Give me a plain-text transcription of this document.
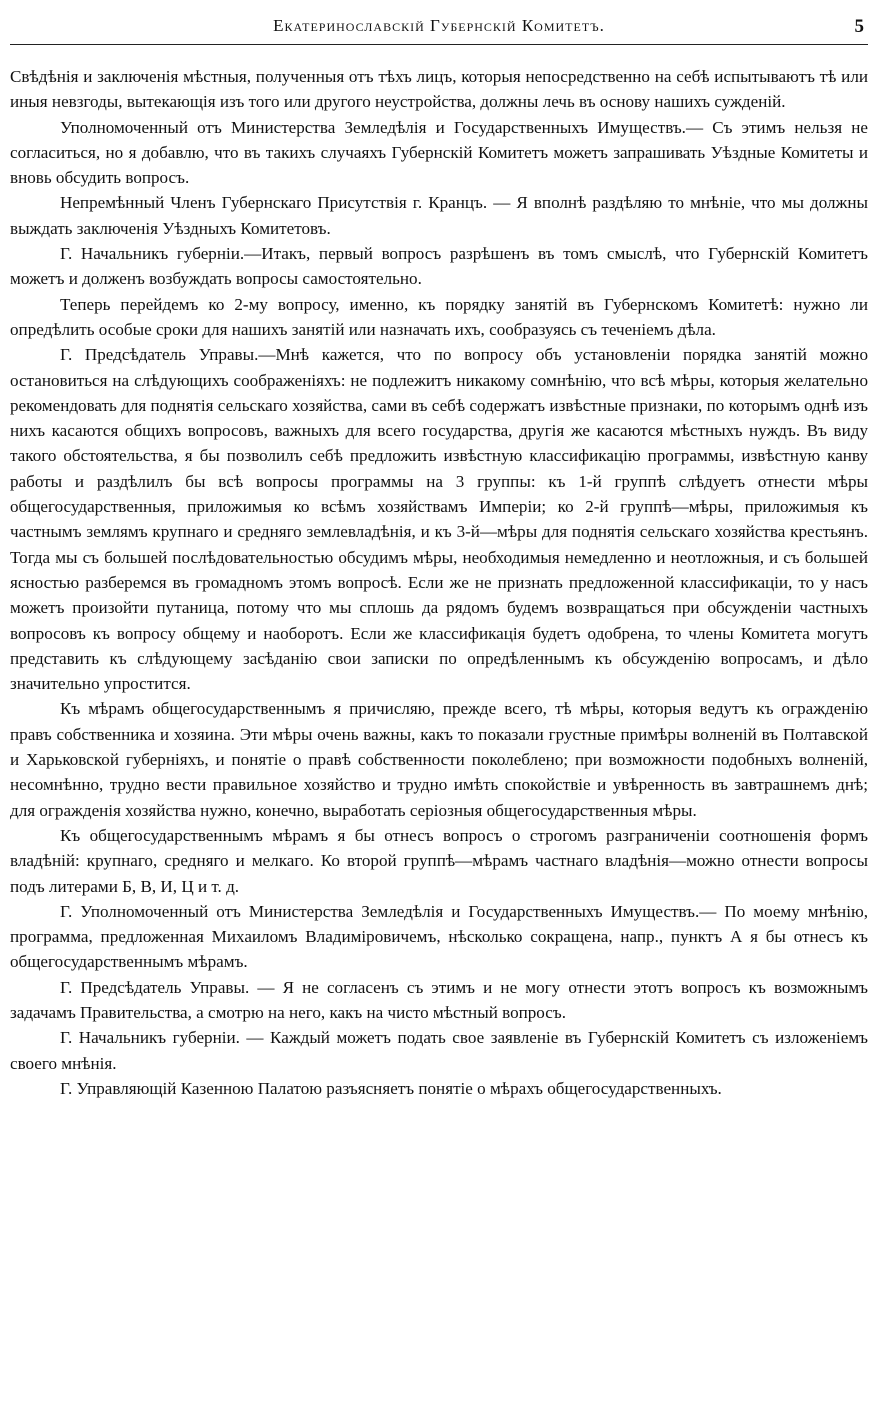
Екатеринославскій Губернскій Комитетъ.	5

Свѣдѣнія и заключенія мѣстныя, полученныя отъ тѣхъ лицъ, которыя непосредственно на себѣ испытываютъ тѣ или иныя невзгоды, вытекающія изъ того или другого неустройства, должны лечь въ основу нашихъ сужденій.

Уполномоченный отъ Министерства Земледѣлія и Государственныхъ Имуществъ.— Съ этимъ нельзя не согласиться, но я добавлю, что въ такихъ случаяхъ Губернскій Комитетъ можетъ запрашивать Уѣздные Комитеты и вновь обсудить вопросъ.

Непремѣнный Членъ Губернскаго Присутствія г. Кранцъ. — Я вполнѣ раздѣляю то мнѣніе, что мы должны выждать заключенія Уѣздныхъ Комитетовъ.

Г. Начальникъ губерніи.—Итакъ, первый вопросъ разрѣшенъ въ томъ смыслѣ, что Губернскій Комитетъ можетъ и долженъ возбуждать вопросы самостоятельно.

Теперь перейдемъ ко 2-му вопросу, именно, къ порядку занятій въ Губернскомъ Комитетѣ: нужно ли опредѣлить особые сроки для нашихъ занятій или назначать ихъ, сообразуясь съ теченіемъ дѣла.

Г. Предсѣдатель Управы.—Мнѣ кажется, что по вопросу объ установленіи порядка занятій можно остановиться на слѣдующихъ соображеніяхъ: не подлежитъ никакому сомнѣнію, что всѣ мѣры, которыя желательно рекомендовать для поднятія сельскаго хозяйства, сами въ себѣ содержатъ извѣстные признаки, по которымъ однѣ изъ нихъ касаются общихъ вопросовъ, важныхъ для всего государства, другія же касаются мѣстныхъ нуждъ. Въ виду такого обстоятельства, я бы позволилъ себѣ предложить извѣстную классификацію программы, извѣстную канву работы и раздѣлилъ бы всѣ вопросы программы на 3 группы: къ 1-й группѣ слѣдуетъ отнести мѣры общегосударственныя, приложимыя ко всѣмъ хозяйствамъ Имперіи; ко 2-й группѣ—мѣры, приложимыя къ частнымъ землямъ крупнаго и средняго землевладѣнія, и къ 3-й—мѣры для поднятія сельскаго хозяйства крестьянъ. Тогда мы съ большей послѣдовательностью обсудимъ мѣры, необходимыя немедленно и неотложныя, и съ большей ясностью разберемся въ громадномъ этомъ вопросѣ. Если же не признать предложенной классификаціи, то у насъ можетъ произойти путаница, потому что мы сплошь да рядомъ будемъ возвращаться при обсужденіи частныхъ вопросовъ къ вопросу общему и наоборотъ. Если же классификація будетъ одобрена, то члены Комитета могутъ представить къ слѣдующему засѣданію свои записки по опредѣленнымъ къ обсужденію вопросамъ, и дѣло значительно упростится.

Къ мѣрамъ общегосударственнымъ я причисляю, прежде всего, тѣ мѣры, которыя ведутъ къ огражденію правъ собственника и хозяина. Эти мѣры очень важны, какъ то показали грустные примѣры волненій въ Полтавской и Харьковской губерніяхъ, и понятіе о правѣ собственности поколеблено; при возможности подобныхъ волненій, несомнѣнно, трудно вести правильное хозяйство и трудно имѣть спокойствіе и увѣренность въ завтрашнемъ днѣ; для огражденія хозяйства нужно, конечно, выработать серіозныя общегосударственныя мѣры.

Къ общегосударственнымъ мѣрамъ я бы отнесъ вопросъ о строгомъ разграниченіи соотношенія формъ владѣній: крупнаго, средняго и мелкаго. Ко второй группѣ—мѣрамъ частнаго владѣнія—можно отнести вопросы подъ литерами Б, В, И, Ц и т. д.

Г. Уполномоченный отъ Министерства Земледѣлія и Государственныхъ Имуществъ.— По моему мнѣнію, программа, предложенная Михаиломъ Владиміровичемъ, нѣсколько сокращена, напр., пунктъ А я бы отнесъ къ общегосударственнымъ мѣрамъ.

Г. Предсѣдатель Управы. — Я не согласенъ съ этимъ и не могу отнести этотъ вопросъ къ возможнымъ задачамъ Правительства, а смотрю на него, какъ на чисто мѣстный вопросъ.

Г. Начальникъ губерніи. — Каждый можетъ подать свое заявленіе въ Губернскій Комитетъ съ изложеніемъ своего мнѣнія.

Г. Управляющій Казенною Палатою разъясняетъ понятіе о мѣрахъ общегосударственныхъ.
